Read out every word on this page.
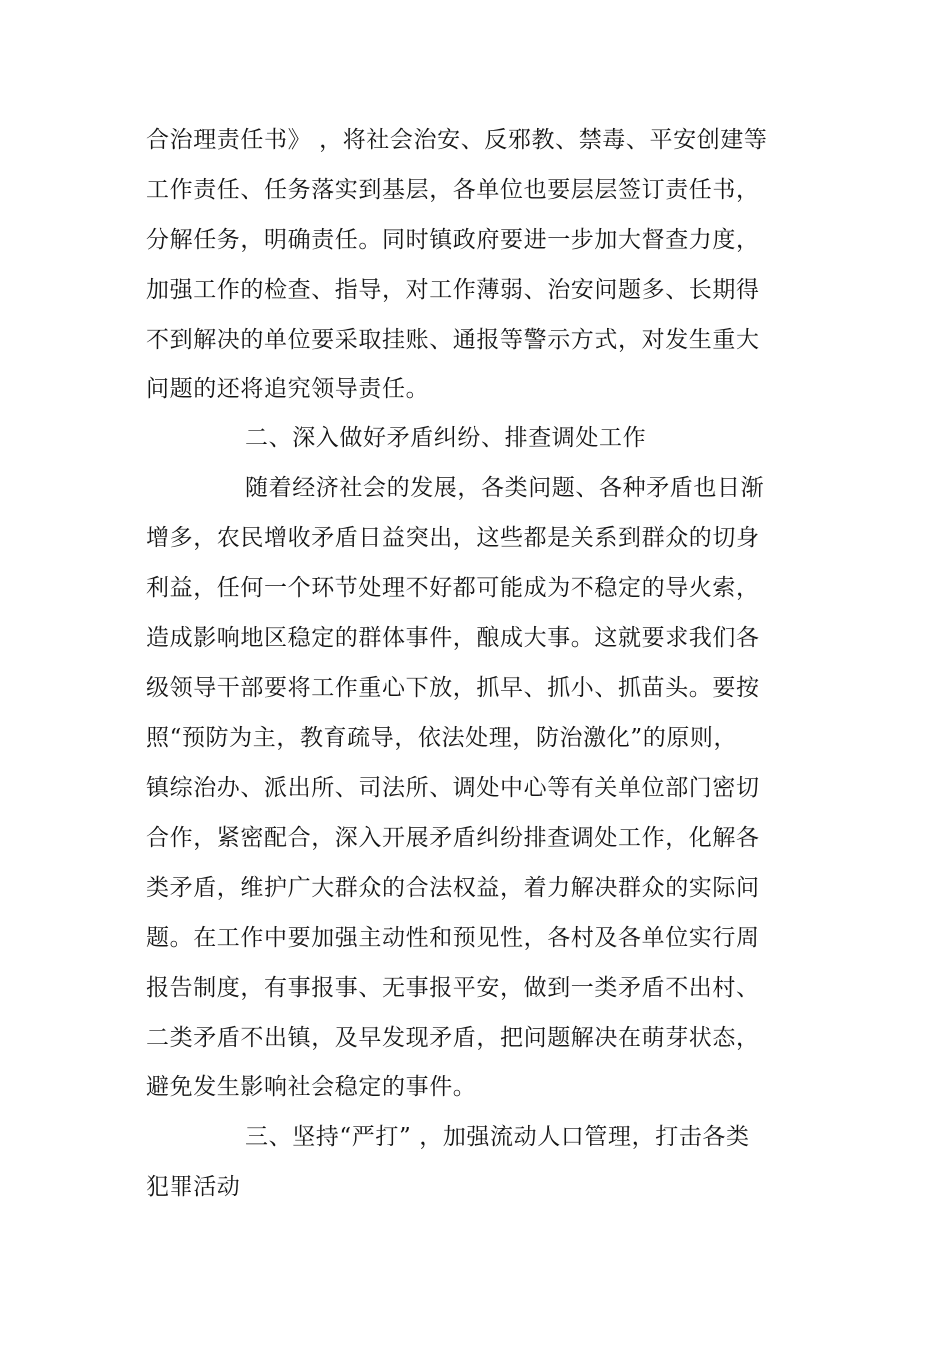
合治理责任书》 ，将社会治安、反邪教、禁毒、平安创建等
工作责任、任务落实到基层，各单位也要层层签订责任书，
分解任务，明确责任。同时镇政府要进一步加大督查力度，
加强工作的检查、指导，对工作薄弱、治安问题多、长期得
不到解决的单位要采取挂账、通报等警示方式，对发生重大
问题的还将追究领导责任。
二、深入做好矛盾纠纷、排查调处工作
随着经济社会的发展，各类问题、各种矛盾也日渐
增多，农民增收矛盾日益突出，这些都是关系到群众的切身
利益，任何一个环节处理不好都可能成为不稳定的导火索，
造成影响地区稳定的群体事件，酿成大事。这就要求我们各
级领导干部要将工作重心下放，抓早、抓小、抓苗头。要按
照“预防为主，教育疏导，依法处理，防治激化”的原则，
镇综治办、派出所、司法所、调处中心等有关单位部门密切
合作，紧密配合，深入开展矛盾纠纷排查调处工作，化解各
类矛盾，维护广大群众的合法权益，着力解决群众的实际问
题。在工作中要加强主动性和预见性，各村及各单位实行周
报告制度，有事报事、无事报平安，做到一类矛盾不出村、
二类矛盾不出镇，及早发现矛盾，把问题解决在萌芽状态，
避免发生影响社会稳定的事件。
三、坚持“严打” ，加强流动人口管理，打击各类
犯罪活动
